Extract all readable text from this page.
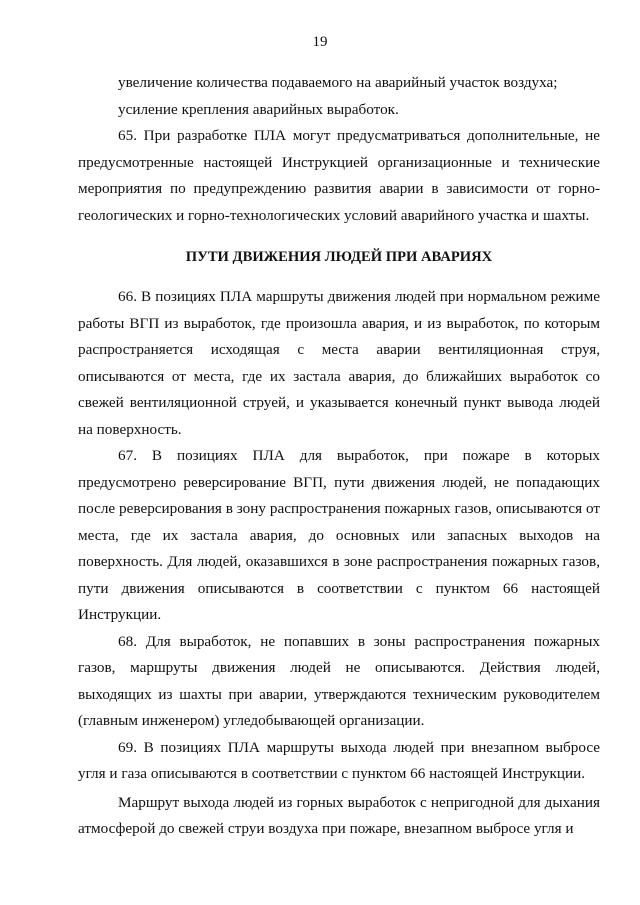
19

увеличение количества подаваемого на аварийный участок воздуха;

усиление крепления аварийных выработок.

65. При разработке ПЛА могут предусматриваться дополнительные, не предусмотренные настоящей Инструкцией организационные и технические мероприятия по предупреждению развития аварии в зависимости от горно-геологических и горно-технологических условий аварийного участка и шахты.

ПУТИ ДВИЖЕНИЯ ЛЮДЕЙ ПРИ АВАРИЯХ

66. В позициях ПЛА маршруты движения людей при нормальном режиме работы ВГП из выработок, где произошла авария, и из выработок, по которым распространяется исходящая с места аварии вентиляционная струя, описываются от места, где их застала авария, до ближайших выработок со свежей вентиляционной струей, и указывается конечный пункт вывода людей на поверхность.

67. В позициях ПЛА для выработок, при пожаре в которых предусмотрено реверсирование ВГП, пути движения людей, не попадающих после реверсирования в зону распространения пожарных газов, описываются от места, где их застала авария, до основных или запасных выходов на поверхность. Для людей, оказавшихся в зоне распространения пожарных газов, пути движения описываются в соответствии с пунктом 66 настоящей Инструкции.

68. Для выработок, не попавших в зоны распространения пожарных газов, маршруты движения людей не описываются. Действия людей, выходящих из шахты при аварии, утверждаются техническим руководителем (главным инженером) угледобывающей организации.

69. В позициях ПЛА маршруты выхода людей при внезапном выбросе угля и газа описываются в соответствии с пунктом 66 настоящей Инструкции.

Маршрут выхода людей из горных выработок с непригодной для дыхания атмосферой до свежей струи воздуха при пожаре, внезапном выбросе угля и
